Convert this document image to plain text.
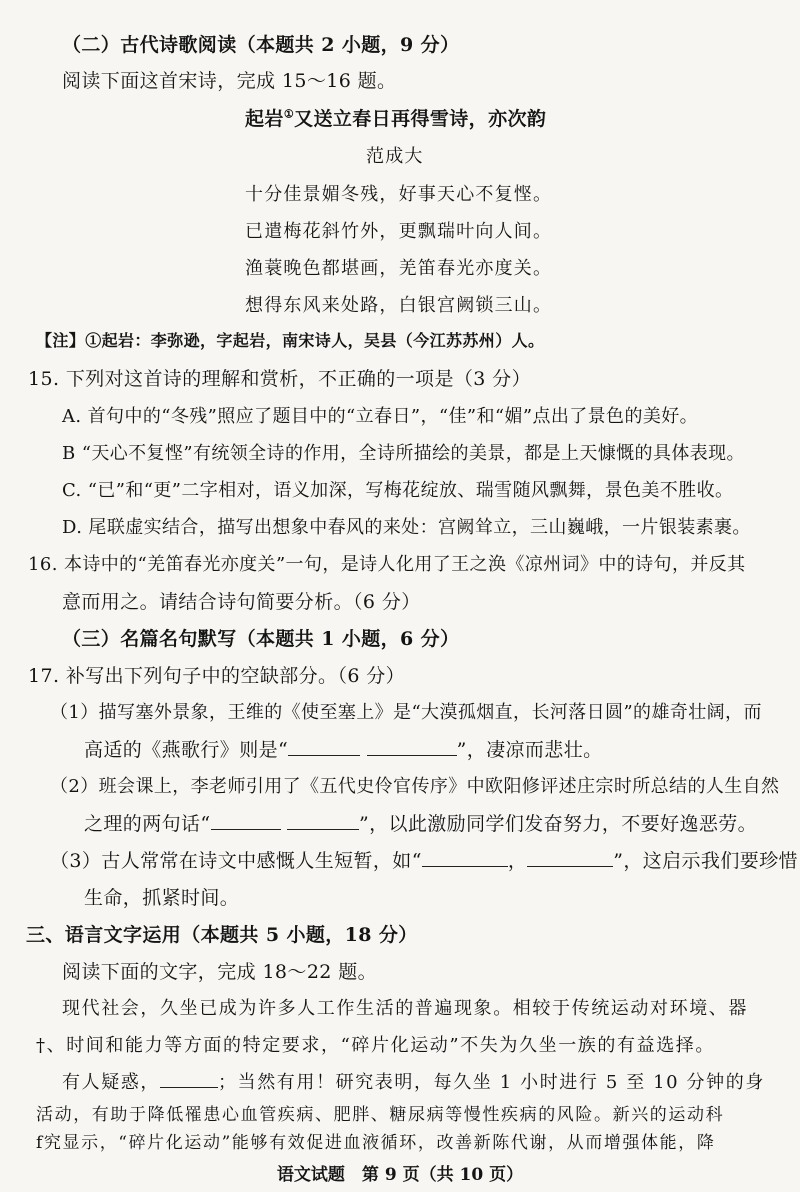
（二）古代诗歌阅读（本题共 2 小题，9 分）
阅读下面这首宋诗，完成 15～16 题。
起岩①又送立春日再得雪诗，亦次韵
范成大
十分佳景媚冬残，好事天心不复悭。
已遣梅花斜竹外，更飘瑞叶向人间。
渔蓑晚色都堪画，羌笛春光亦度关。
想得东风来处路，白银宫阙锁三山。
【注】①起岩：李弥逊，字起岩，南宋诗人，吴县（今江苏苏州）人。
15. 下列对这首诗的理解和赏析，不正确的一项是（3 分）
A. 首句中的“冬残”照应了题目中的“立春日”，“佳”和“媚”点出了景色的美好。
B “天心不复悭”有统领全诗的作用，全诗所描绘的美景，都是上天慷慨的具体表现。
C. “已”和“更”二字相对，语义加深，写梅花绽放、瑞雪随风飘舞，景色美不胜收。
D. 尾联虚实结合，描写出想象中春风的来处：宫阙耸立，三山巍峨，一片银装素裹。
16. 本诗中的“羌笛春光亦度关”一句，是诗人化用了王之涣《凉州词》中的诗句，并反其
意而用之。请结合诗句简要分析。（6 分）
（三）名篇名句默写（本题共 1 小题，6 分）
17. 补写出下列句子中的空缺部分。（6 分）
（1）描写塞外景象，王维的《使至塞上》是“大漠孤烟直，长河落日圆”的雄奇壮阔，而
高适的《燕歌行》则是“	”，凄凉而悲壮。
（2）班会课上，李老师引用了《五代史伶官传序》中欧阳修评述庄宗时所总结的人生自然
之理的两句话“	”，以此激励同学们发奋努力，不要好逸恶劳。
（3）古人常常在诗文中感慨人生短暂，如“	，	”，这启示我们要珍惜
生命，抓紧时间。
三、语言文字运用（本题共 5 小题，18 分）
阅读下面的文字，完成 18～22 题。
现代社会，久坐已成为许多人工作生活的普遍现象。相较于传统运动对环境、器
†、时间和能力等方面的特定要求，“碎片化运动”不失为久坐一族的有益选择。
有人疑惑，	；当然有用！研究表明，每久坐 1 小时进行 5 至 10 分钟的身
活动，有助于降低罹患心血管疾病、肥胖、糖尿病等慢性疾病的风险。新兴的运动科
语文试题　第 9 页（共 10 页）
f究显示，“碎片化运动”能够有效促进血液循环，改善新陈代谢，从而增强体能，降
